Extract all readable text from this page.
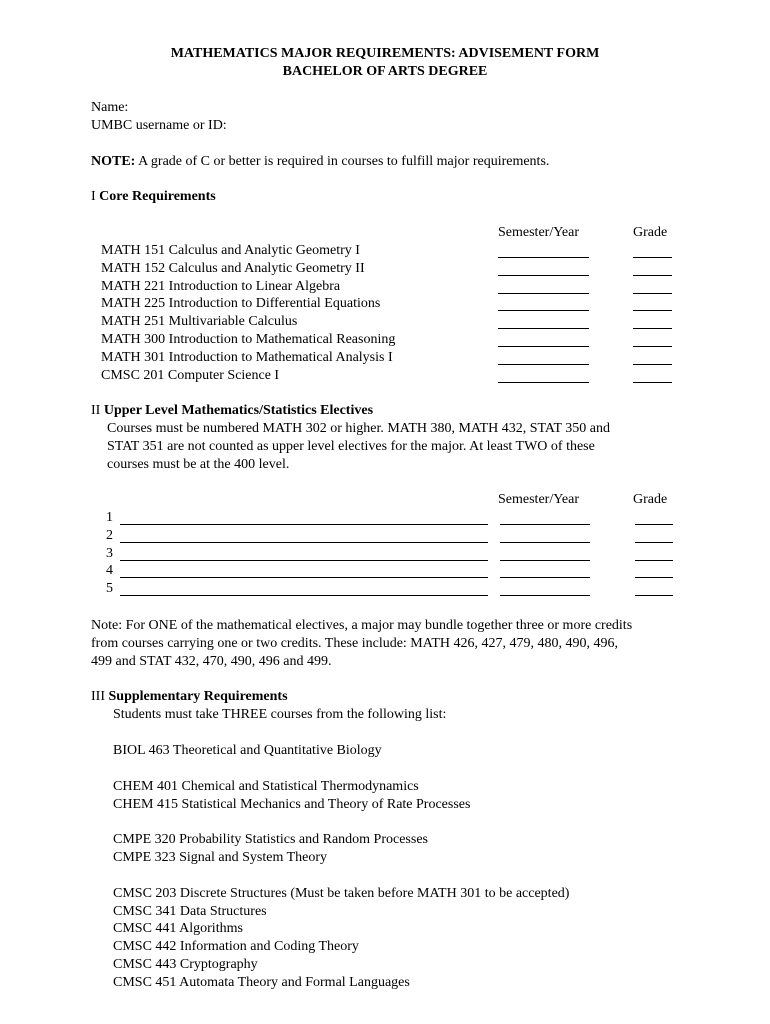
MATHEMATICS MAJOR REQUIREMENTS: ADVISEMENT FORM
BACHELOR OF ARTS DEGREE
Name:
UMBC username or ID:
NOTE: A grade of C or better is required in courses to fulfill major requirements.
I Core Requirements
Semester/Year	Grade
MATH 151 Calculus and Analytic Geometry I
MATH 152 Calculus and Analytic Geometry II
MATH 221 Introduction to Linear Algebra
MATH 225 Introduction to Differential Equations
MATH 251 Multivariable Calculus
MATH 300 Introduction to Mathematical Reasoning
MATH 301 Introduction to Mathematical Analysis I
CMSC 201 Computer Science I
II Upper Level Mathematics/Statistics Electives
Courses must be numbered MATH 302 or higher. MATH 380, MATH 432, STAT 350 and
STAT 351 are not counted as upper level electives for the major. At least TWO of these
courses must be at the 400 level.
Semester/Year	Grade
1
2
3
4
5
Note: For ONE of the mathematical electives, a major may bundle together three or more credits
from courses carrying one or two credits. These include: MATH 426, 427, 479, 480, 490, 496,
499 and STAT 432, 470, 490, 496 and 499.
III Supplementary Requirements
Students must take THREE courses from the following list:
BIOL 463 Theoretical and Quantitative Biology
CHEM 401 Chemical and Statistical Thermodynamics
CHEM 415 Statistical Mechanics and Theory of Rate Processes
CMPE 320 Probability Statistics and Random Processes
CMPE 323 Signal and System Theory
CMSC 203 Discrete Structures (Must be taken before MATH 301 to be accepted)
CMSC 341 Data Structures
CMSC 441 Algorithms
CMSC 442 Information and Coding Theory
CMSC 443 Cryptography
CMSC 451 Automata Theory and Formal Languages
